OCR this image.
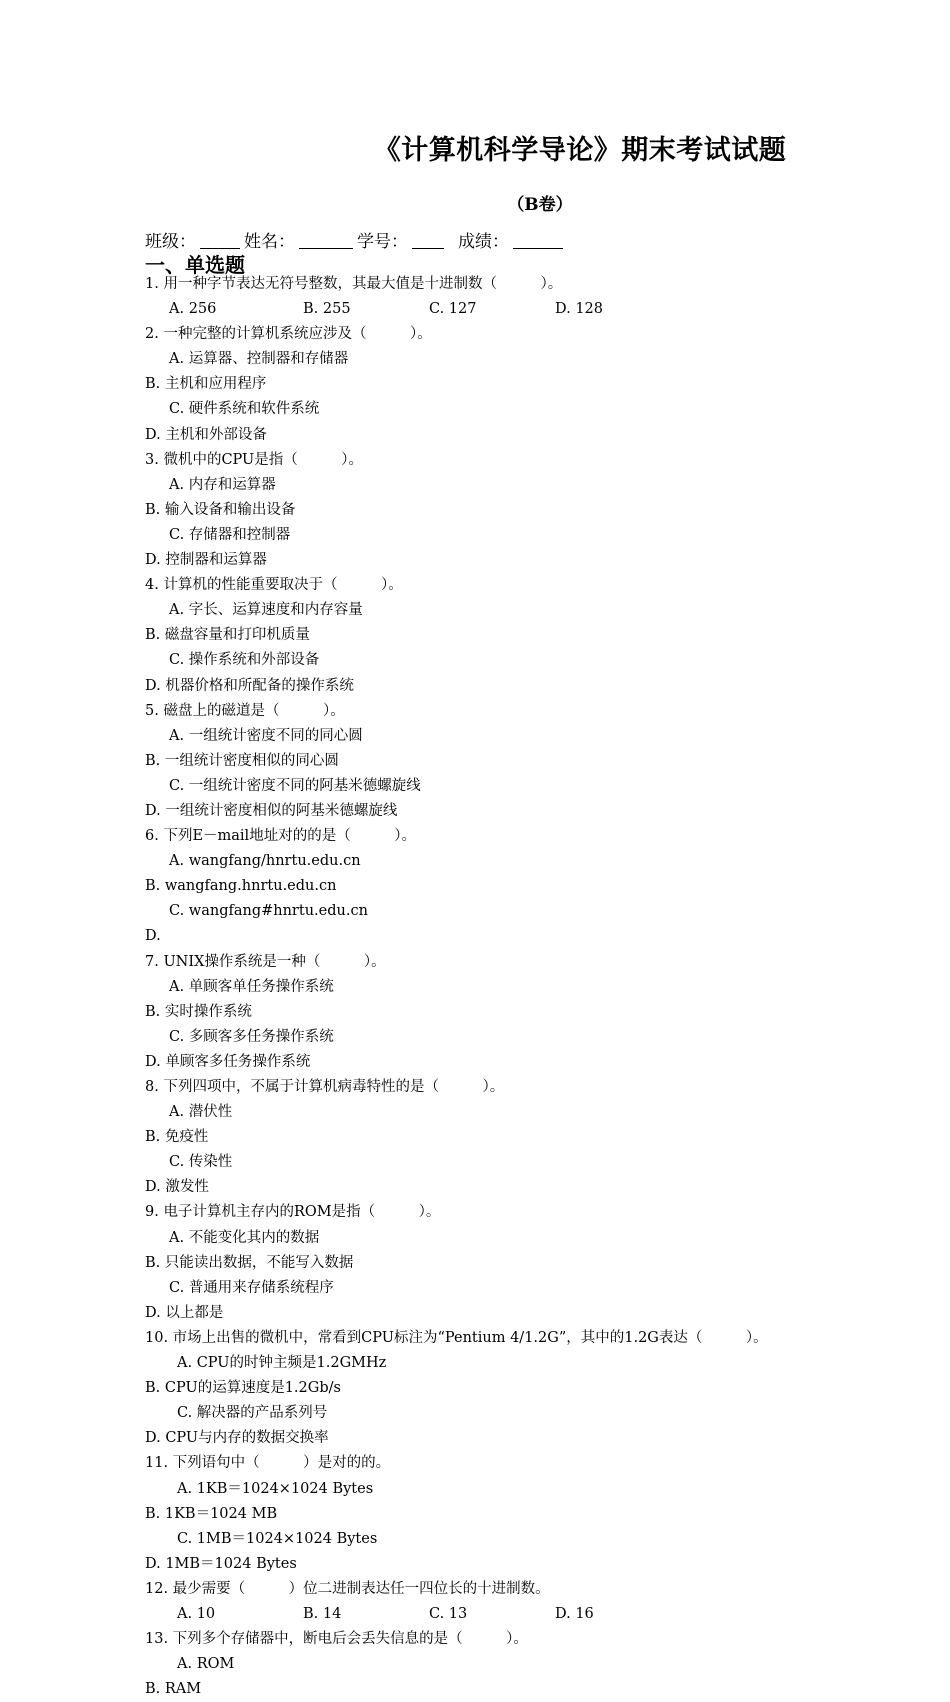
《计算机科学导论》期末考试试题
（B卷）
班级：	姓名：	学号：	成绩：
一、单选题
1. 用一种字节表达无符号整数，其最大值是十进制数（　　　）。
A. 256	B. 255	C. 127	D. 128
2. 一种完整的计算机系统应涉及（　　　）。
A. 运算器、控制器和存储器
B. 主机和应用程序
C. 硬件系统和软件系统
D. 主机和外部设备
3. 微机中的CPU是指（　　　）。
A. 内存和运算器
B. 输入设备和输出设备
C. 存储器和控制器
D. 控制器和运算器
4. 计算机的性能重要取决于（　　　）。
A. 字长、运算速度和内存容量
B. 磁盘容量和打印机质量
C. 操作系统和外部设备
D. 机器价格和所配备的操作系统
5. 磁盘上的磁道是（　　　）。
A. 一组统计密度不同的同心圆
B. 一组统计密度相似的同心圆
C. 一组统计密度不同的阿基米德螺旋线
D. 一组统计密度相似的阿基米德螺旋线
6. 下列E－mail地址对的的是（　　　）。
A. wangfang/hnrtu.edu.cn
B. wangfang.hnrtu.edu.cn
C. wangfang#hnrtu.edu.cn
D.
7. UNIX操作系统是一种（　　　）。
A. 单顾客单任务操作系统
B. 实时操作系统
C. 多顾客多任务操作系统
D. 单顾客多任务操作系统
8. 下列四项中，不属于计算机病毒特性的是（　　　）。
A. 潜伏性
B. 免疫性
C. 传染性
D. 激发性
9. 电子计算机主存内的ROM是指（　　　）。
A. 不能变化其内的数据
B. 只能读出数据，不能写入数据
C. 普通用来存储系统程序
D. 以上都是
10. 市场上出售的微机中，常看到CPU标注为“Pentium 4/1.2G”，其中的1.2G表达（　　　）。
A. CPU的时钟主频是1.2GMHz
B. CPU的运算速度是1.2Gb/s
C. 解决器的产品系列号
D. CPU与内存的数据交换率
11. 下列语句中（　　　）是对的的。
A. 1KB＝1024×1024 Bytes
B. 1KB＝1024 MB
C. 1MB＝1024×1024 Bytes
D. 1MB＝1024 Bytes
12. 最少需要（　　　）位二进制表达任一四位长的十进制数。
A. 10	B. 14	C. 13	D. 16
13. 下列多个存储器中，断电后会丢失信息的是（　　　）。
A. ROM
B. RAM
